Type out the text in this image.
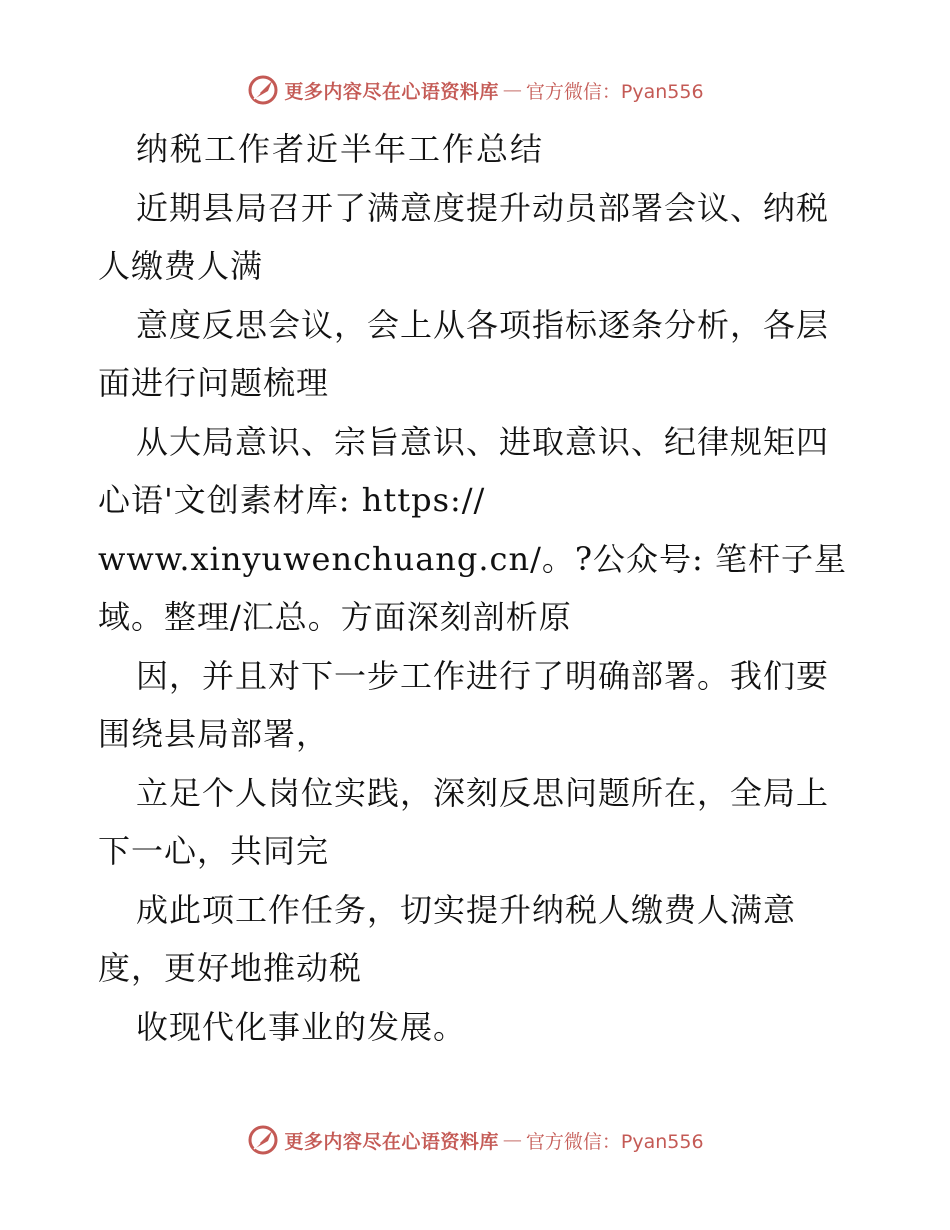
更多内容尽在心语资料库 — 官方微信：Pyan556
纳税工作者近半年工作总结
近期县局召开了满意度提升动员部署会议、纳税
人缴费人满
意度反思会议，会上从各项指标逐条分析，各层
面进行问题梳理
从大局意识、宗旨意识、进取意识、纪律规矩四
心语'文创素材库: https://
www.xinyuwenchuang.cn/。?公众号: 笔杆子星
域。整理/汇总。方面深刻剖析原
因，并且对下一步工作进行了明确部署。我们要
围绕县局部署，
立足个人岗位实践，深刻反思问题所在，全局上
下一心，共同完
成此项工作任务，切实提升纳税人缴费人满意
度，更好地推动税
收现代化事业的发展。
更多内容尽在心语资料库 — 官方微信：Pyan556
